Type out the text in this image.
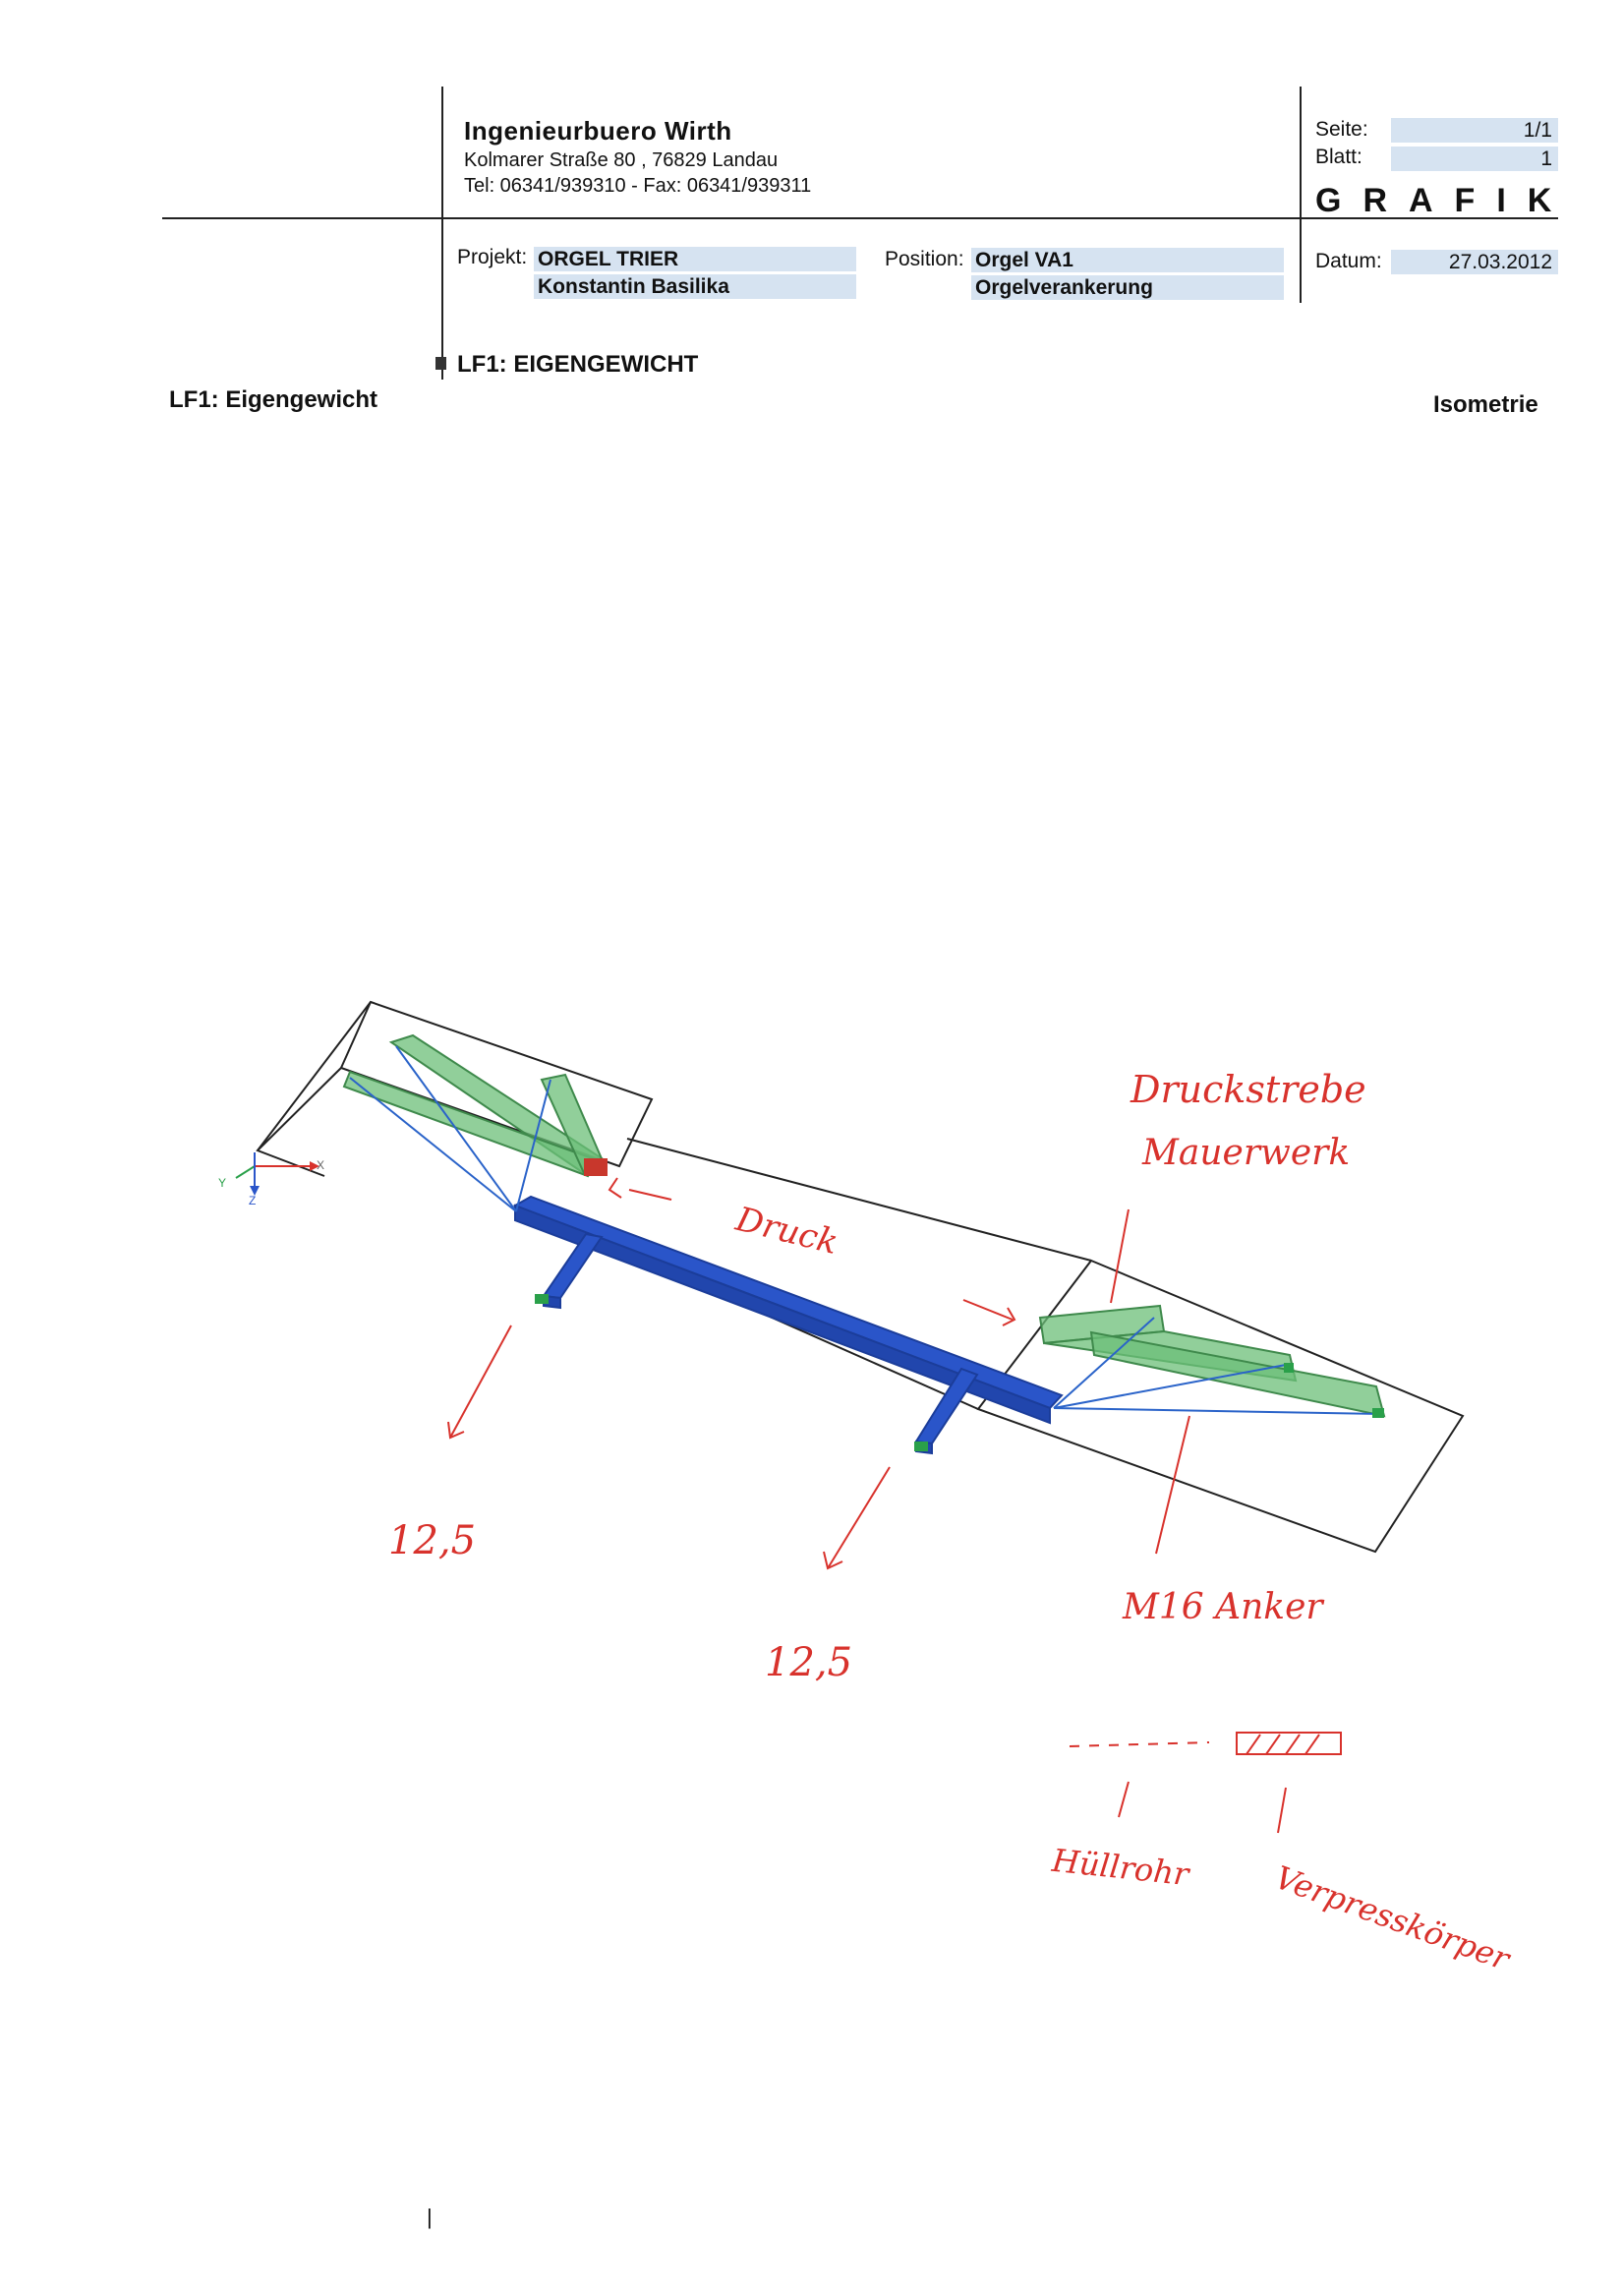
Ingenieurbuero Wirth
Kolmarer Straße 80 , 76829 Landau
Tel: 06341/939310 - Fax: 06341/939311
Seite:	1/1
Blatt:	1
GRAFIK
Projekt: ORGEL TRIER
Konstantin Basilika
Position: Orgel VA1
Orgelverankerung
Datum:	27.03.2012
LF1: EIGENGEWICHT
LF1: Eigengewicht	Isometrie
X
Y
Z
Druckstrebe
Mauerwerk
Druck
12,5
12,5
M16 Anker
Hüllrohr	Verpresskörper
|
